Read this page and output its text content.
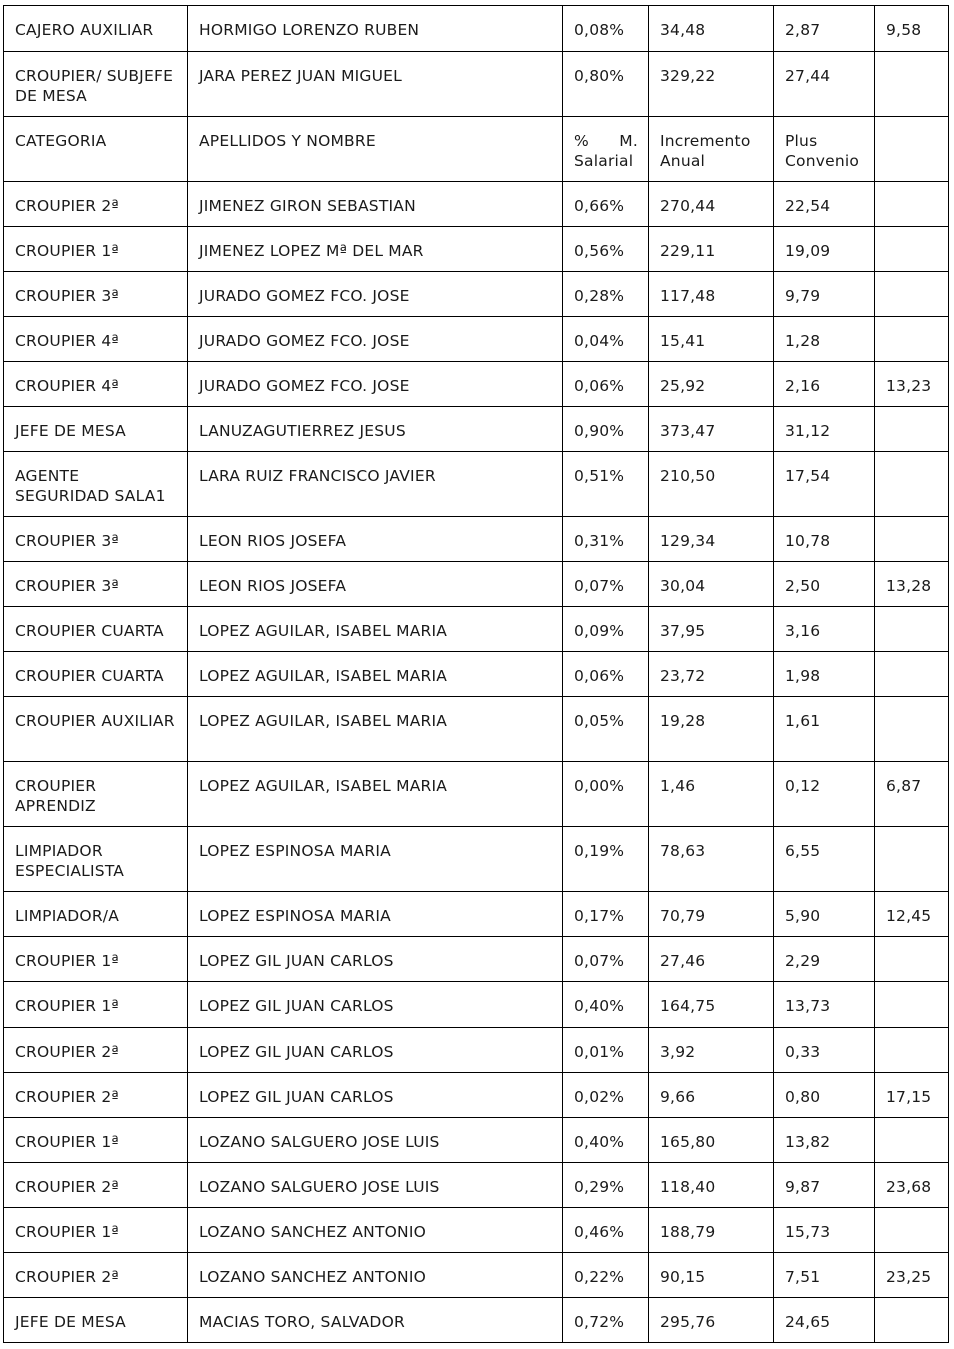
CAJERO AUXILIAR	HORMIGO LORENZO RUBEN	0,08%	34,48	2,87	9,58
CROUPIER/ SUBJEFE DE MESA	JARA PEREZ JUAN MIGUEL	0,80%	329,22	27,44	
CATEGORIA	APELLIDOS Y NOMBRE	% M. Salarial	Incremento Anual	Plus Convenio	
CROUPIER 2ª	JIMENEZ GIRON SEBASTIAN	0,66%	270,44	22,54	
CROUPIER 1ª	JIMENEZ LOPEZ Mª DEL MAR	0,56%	229,11	19,09	
CROUPIER 3ª	JURADO GOMEZ FCO. JOSE	0,28%	117,48	9,79	
CROUPIER 4ª	JURADO GOMEZ FCO. JOSE	0,04%	15,41	1,28	
CROUPIER 4ª	JURADO GOMEZ FCO. JOSE	0,06%	25,92	2,16	13,23
JEFE DE MESA	LANUZAGUTIERREZ JESUS	0,90%	373,47	31,12	
AGENTE SEGURIDAD SALA1	LARA RUIZ FRANCISCO JAVIER	0,51%	210,50	17,54	
CROUPIER 3ª	LEON RIOS JOSEFA	0,31%	129,34	10,78	
CROUPIER 3ª	LEON RIOS JOSEFA	0,07%	30,04	2,50	13,28
CROUPIER CUARTA	LOPEZ AGUILAR, ISABEL MARIA	0,09%	37,95	3,16	
CROUPIER CUARTA	LOPEZ AGUILAR, ISABEL MARIA	0,06%	23,72	1,98	
CROUPIER AUXILIAR	LOPEZ AGUILAR, ISABEL MARIA	0,05%	19,28	1,61	
CROUPIER APRENDIZ	LOPEZ AGUILAR, ISABEL MARIA	0,00%	1,46	0,12	6,87
LIMPIADOR ESPECIALISTA	LOPEZ ESPINOSA MARIA	0,19%	78,63	6,55	
LIMPIADOR/A	LOPEZ ESPINOSA MARIA	0,17%	70,79	5,90	12,45
CROUPIER 1ª	LOPEZ GIL JUAN CARLOS	0,07%	27,46	2,29	
CROUPIER 1ª	LOPEZ GIL JUAN CARLOS	0,40%	164,75	13,73	
CROUPIER 2ª	LOPEZ GIL JUAN CARLOS	0,01%	3,92	0,33	
CROUPIER 2ª	LOPEZ GIL JUAN CARLOS	0,02%	9,66	0,80	17,15
CROUPIER 1ª	LOZANO SALGUERO JOSE LUIS	0,40%	165,80	13,82	
CROUPIER 2ª	LOZANO SALGUERO JOSE LUIS	0,29%	118,40	9,87	23,68
CROUPIER 1ª	LOZANO SANCHEZ ANTONIO	0,46%	188,79	15,73	
CROUPIER 2ª	LOZANO SANCHEZ ANTONIO	0,22%	90,15	7,51	23,25
JEFE DE MESA	MACIAS TORO, SALVADOR	0,72%	295,76	24,65	
